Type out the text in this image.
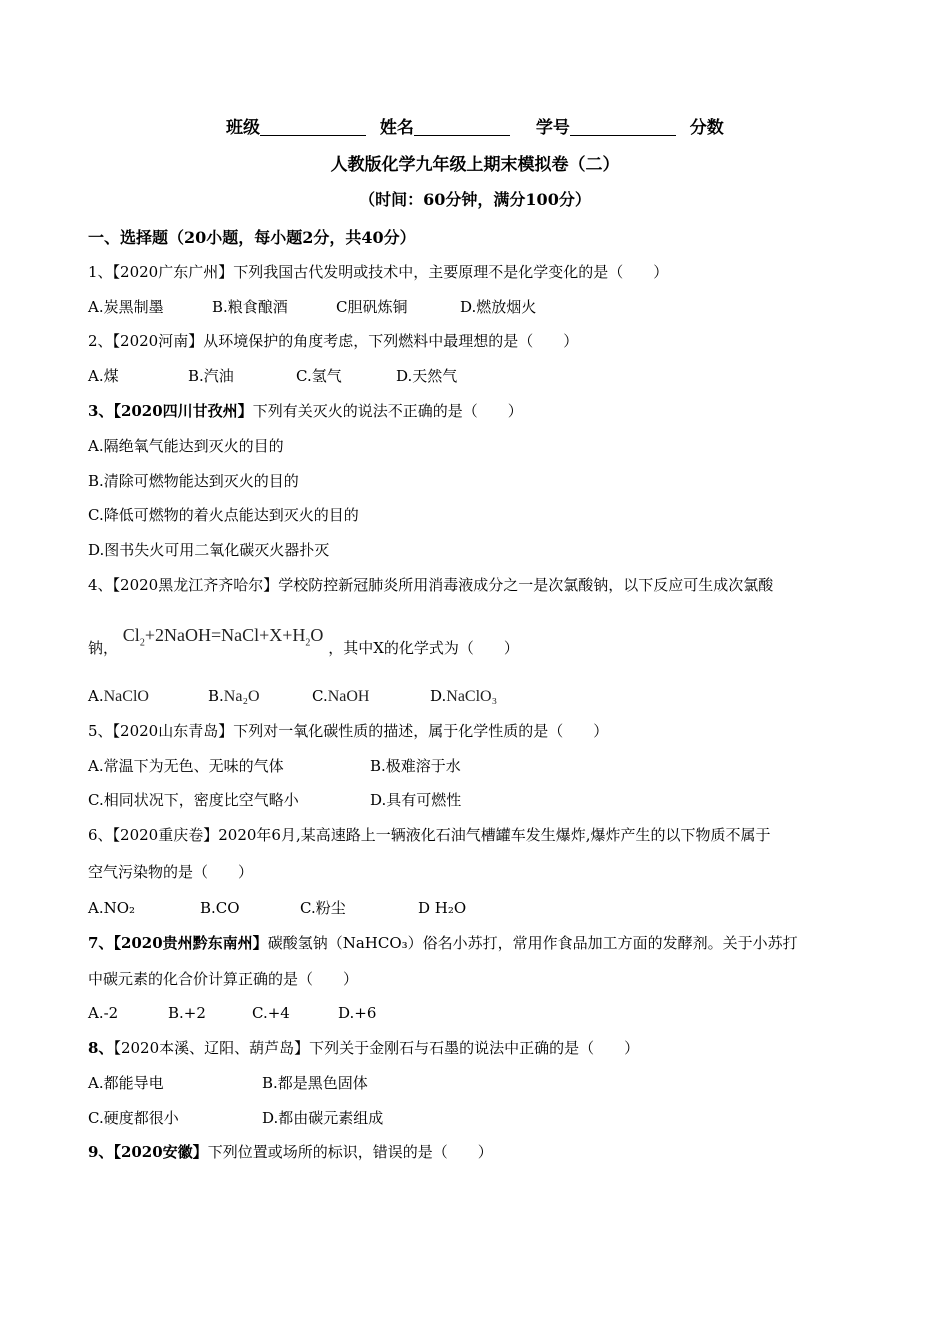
班级	姓名	学号	分数
人教版化学九年级上期末模拟卷（二）
（时间：60分钟，满分100分）
一、选择题（20小题，每小题2分，共40分）
1、【2020广东广州】下列我国古代发明或技术中，主要原理不是化学变化的是（　　）
A.炭黑制墨	B.粮食酿酒	C胆矾炼铜	D.燃放烟火
2、【2020河南】从环境保护的角度考虑，下列燃料中最理想的是（　　）
A.煤	B.汽油	C.氢气	D.天然气
3、【2020四川甘孜州】下列有关灭火的说法不正确的是（　　）
A.隔绝氧气能达到灭火的目的
B.清除可燃物能达到灭火的目的
C.降低可燃物的着火点能达到灭火的目的
D.图书失火可用二氧化碳灭火器扑灭
4、【2020黑龙江齐齐哈尔】学校防控新冠肺炎所用消毒液成分之一是次氯酸钠，以下反应可生成次氯酸
钠， $Cl_2+2NaOH=NaCl+X+H_2O$ ，其中X的化学式为（　　）
A.NaClO	B.Na₂O	C.NaOH	D.NaClO₃
5、【2020山东青岛】下列对一氧化碳性质的描述，属于化学性质的是（　　）
A.常温下为无色、无味的气体	B.极难溶于水
C.相同状况下，密度比空气略小	D.具有可燃性
6、【2020重庆卷】2020年6月,某高速路上一辆液化石油气槽罐车发生爆炸,爆炸产生的以下物质不属于
空气污染物的是（　　）
A.NO₂	B.CO	C.粉尘	D H₂O
7、【2020贵州黔东南州】碳酸氢钠（NaHCO₃）俗名小苏打，常用作食品加工方面的发酵剂。关于小苏打
中碳元素的化合价计算正确的是（　　）
A.-2	B.+2	C.+4	D.+6
8、【2020本溪、辽阳、葫芦岛】下列关于金刚石与石墨的说法中正确的是（　　）
A.都能导电	B.都是黑色固体
C.硬度都很小	D.都由碳元素组成
9、【2020安徽】下列位置或场所的标识，错误的是（　　）
